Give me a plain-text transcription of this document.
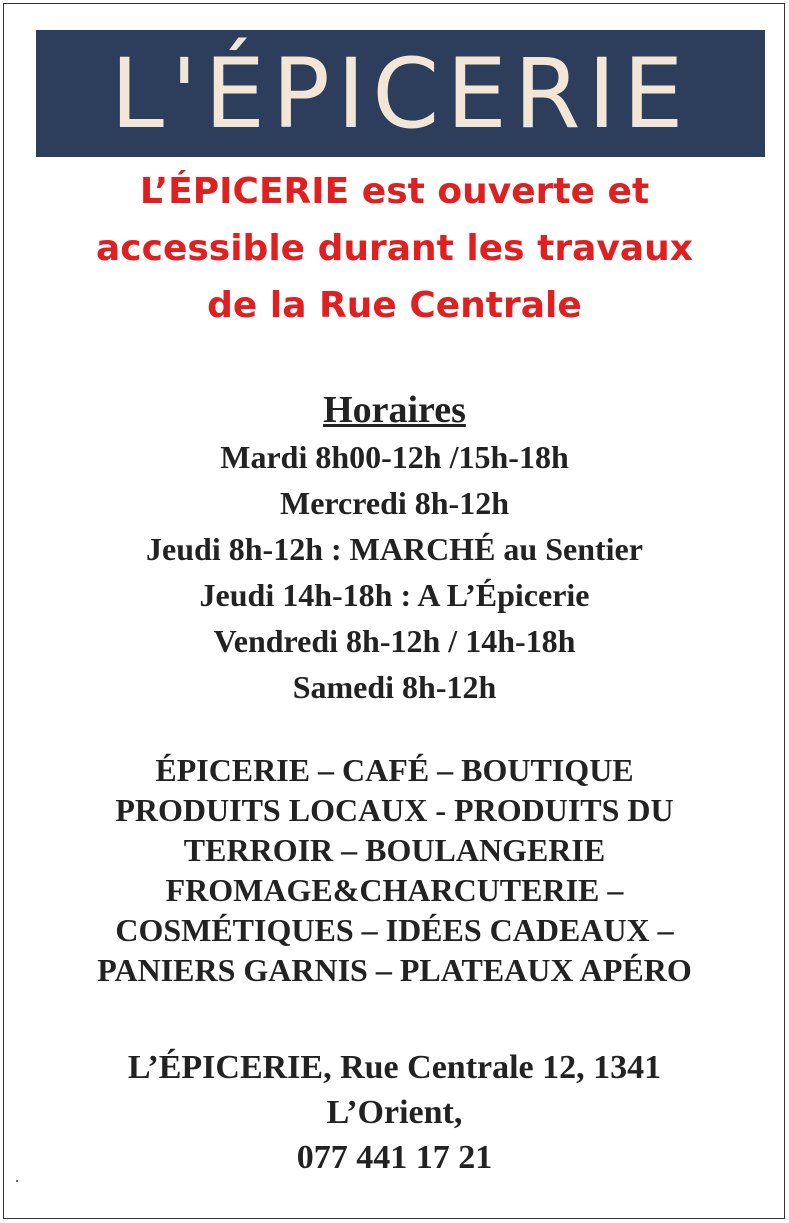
L'ÉPICERIE
L’ÉPICERIE est ouverte et
accessible durant les travaux
de la Rue Centrale
Horaires
Mardi 8h00-12h /15h-18h
Mercredi 8h-12h
Jeudi 8h-12h : MARCHÉ au Sentier
Jeudi 14h-18h : A L’Épicerie
Vendredi 8h-12h / 14h-18h
Samedi 8h-12h
ÉPICERIE – CAFÉ – BOUTIQUE
PRODUITS LOCAUX - PRODUITS DU
TERROIR – BOULANGERIE
FROMAGE&CHARCUTERIE –
COSMÉTIQUES – IDÉES CADEAUX –
PANIERS GARNIS – PLATEAUX APÉRO
L’ÉPICERIE, Rue Centrale 12, 1341
L’Orient,
077 441 17 21
